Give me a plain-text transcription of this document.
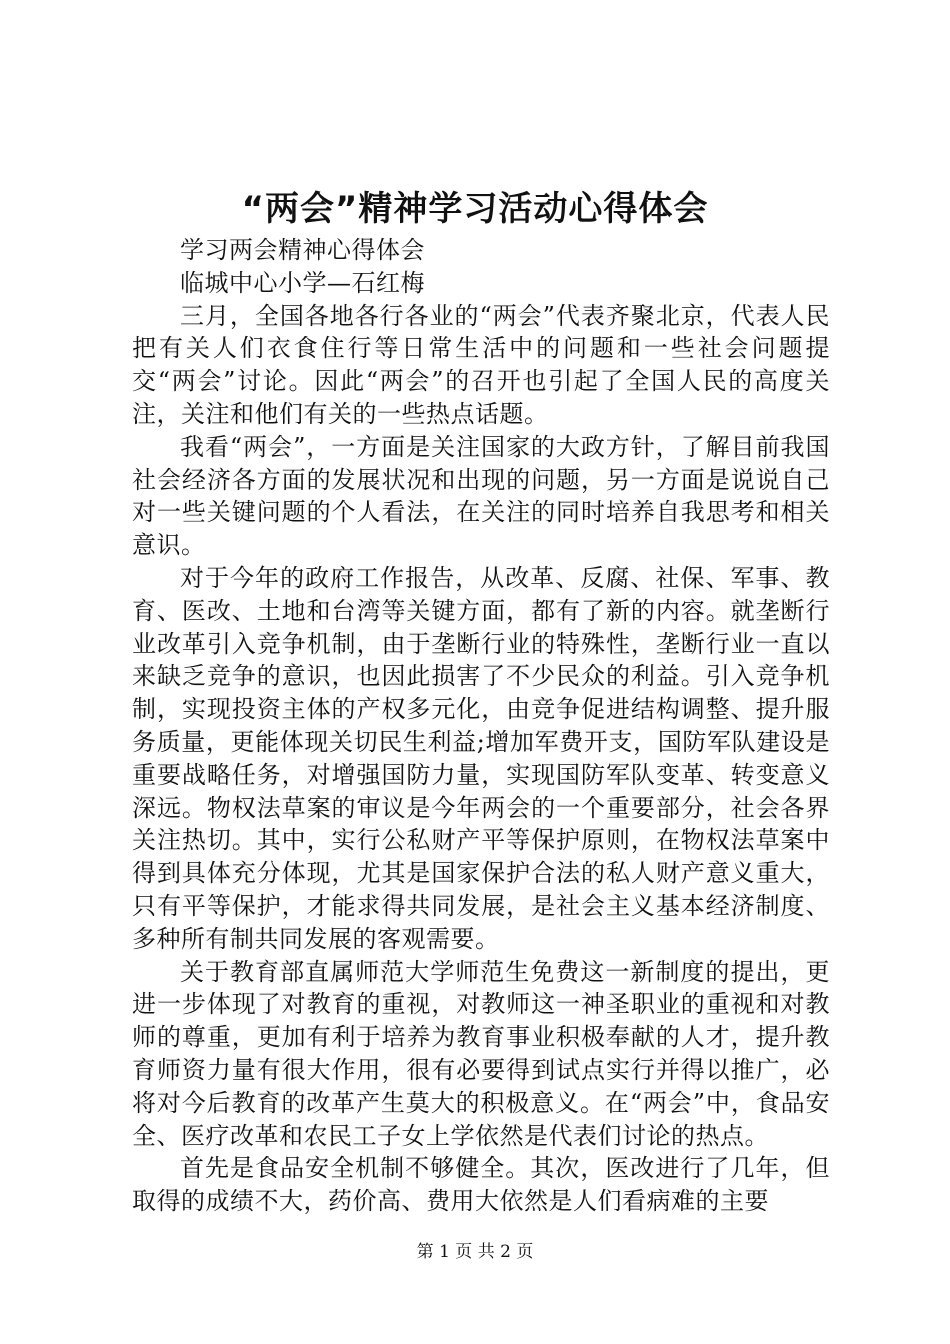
“两会”精神学习活动心得体会

学习两会精神心得体会

临城中心小学—石红梅

三月，全国各地各行各业的“两会”代表齐聚北京，代表人民把有关人们衣食住行等日常生活中的问题和一些社会问题提交“两会”讨论。因此“两会”的召开也引起了全国人民的高度关注，关注和他们有关的一些热点话题。

我看“两会”，一方面是关注国家的大政方针，了解目前我国社会经济各方面的发展状况和出现的问题，另一方面是说说自己对一些关键问题的个人看法，在关注的同时培养自我思考和相关意识。

对于今年的政府工作报告，从改革、反腐、社保、军事、教育、医改、土地和台湾等关键方面，都有了新的内容。就垄断行业改革引入竞争机制，由于垄断行业的特殊性，垄断行业一直以来缺乏竞争的意识，也因此损害了不少民众的利益。引入竞争机制，实现投资主体的产权多元化，由竞争促进结构调整、提升服务质量，更能体现关切民生利益;增加军费开支，国防军队建设是重要战略任务，对增强国防力量，实现国防军队变革、转变意义深远。物权法草案的审议是今年两会的一个重要部分，社会各界关注热切。其中，实行公私财产平等保护原则，在物权法草案中得到具体充分体现，尤其是国家保护合法的私人财产意义重大，只有平等保护，才能求得共同发展，是社会主义基本经济制度、多种所有制共同发展的客观需要。

关于教育部直属师范大学师范生免费这一新制度的提出，更进一步体现了对教育的重视，对教师这一神圣职业的重视和对教师的尊重，更加有利于培养为教育事业积极奉献的人才，提升教育师资力量有很大作用，很有必要得到试点实行并得以推广，必将对今后教育的改革产生莫大的积极意义。在“两会”中，食品安全、医疗改革和农民工子女上学依然是代表们讨论的热点。

首先是食品安全机制不够健全。其次，医改进行了几年，但取得的成绩不大，药价高、费用大依然是人们看病难的主要

第 1 页 共 2 页
